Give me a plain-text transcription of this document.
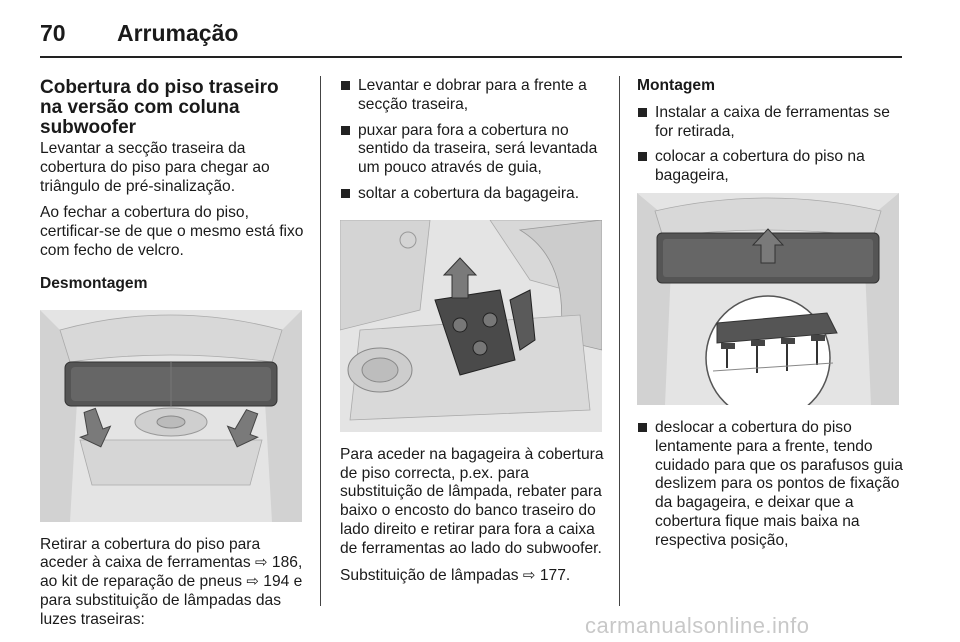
70 Arrumação
Cobertura do piso traseiro na versão com coluna subwoofer

Levantar a secção traseira da cobertura do piso para chegar ao triângulo de pré-sinalização.

Ao fechar a cobertura do piso, certificar-se de que o mesmo está fixo com fecho de velcro.

Desmontagem

Retirar a cobertura do piso para aceder à caixa de ferramentas ⇨ 186, ao kit de reparação de pneus ⇨ 194 e para substituição de lâmpadas das luzes traseiras:

Levantar e dobrar para a frente a secção traseira,
puxar para fora a cobertura no sentido da traseira, será levantada um pouco através de guia,
soltar a cobertura da bagageira.

Para aceder na bagageira à cobertura de piso correcta, p.ex. para substituição de lâmpada, rebater para baixo o encosto do banco traseiro do lado direito e retirar para fora a caixa de ferramentas ao lado do subwoofer.

Substituição de lâmpadas ⇨ 177.

Montagem

Instalar a caixa de ferramentas se for retirada,
colocar a cobertura do piso na bagageira,
deslocar a cobertura do piso lentamente para a frente, tendo cuidado para que os parafusos guia deslizem para os pontos de fixação da bagageira, e deixar que a cobertura fique mais baixa na respectiva posição,
carmanualsonline.info
